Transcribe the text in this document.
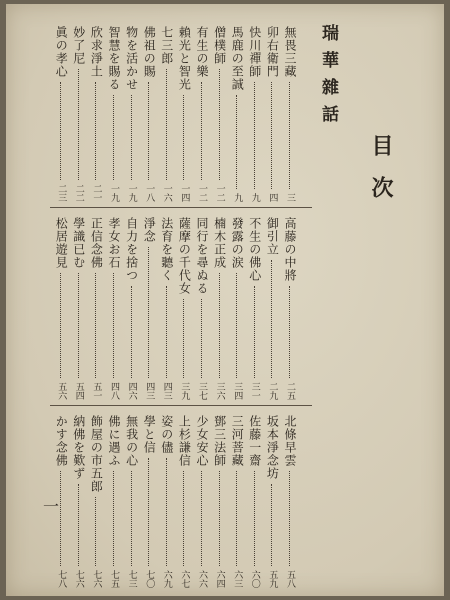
目次
瑞華雜話
無畏三藏
三
卯右衛門
四
快川禪師
九
馬鹿の至誠
九
僧樸師
一二
有生の樂
一二
賴光と智光
一四
七三郎
一六
佛祖の賜
一八
物を活かせ
一九
智慧を賜る
一九
欣求淨土
二一
妙了尼
二二
眞の孝心
二三
高藤の中將
二五
御引立
二九
不生の佛心
三一
發露の涙
三四
楠木正成
三六
同行を尋ぬる
三七
薩摩の千代女
三九
法育を聽く
四三
淨念
四三
自力を捨つ
四六
孝女お石
四八
正信念佛
五一
學識已む
五四
松居遊見
五六
北條早雲
五八
坂本淨念坊
五九
佐藤一齋
六〇
三河菩藏
六三
鄧三法師
六四
少女安心
六六
上杉謙信
六七
姿の儘
六九
學と信
七〇
無我の心
七三
佛に遇ふ
七五
飾屋の市五郎
七六
納佛を歎ず
七六
かす念佛
七八
一
